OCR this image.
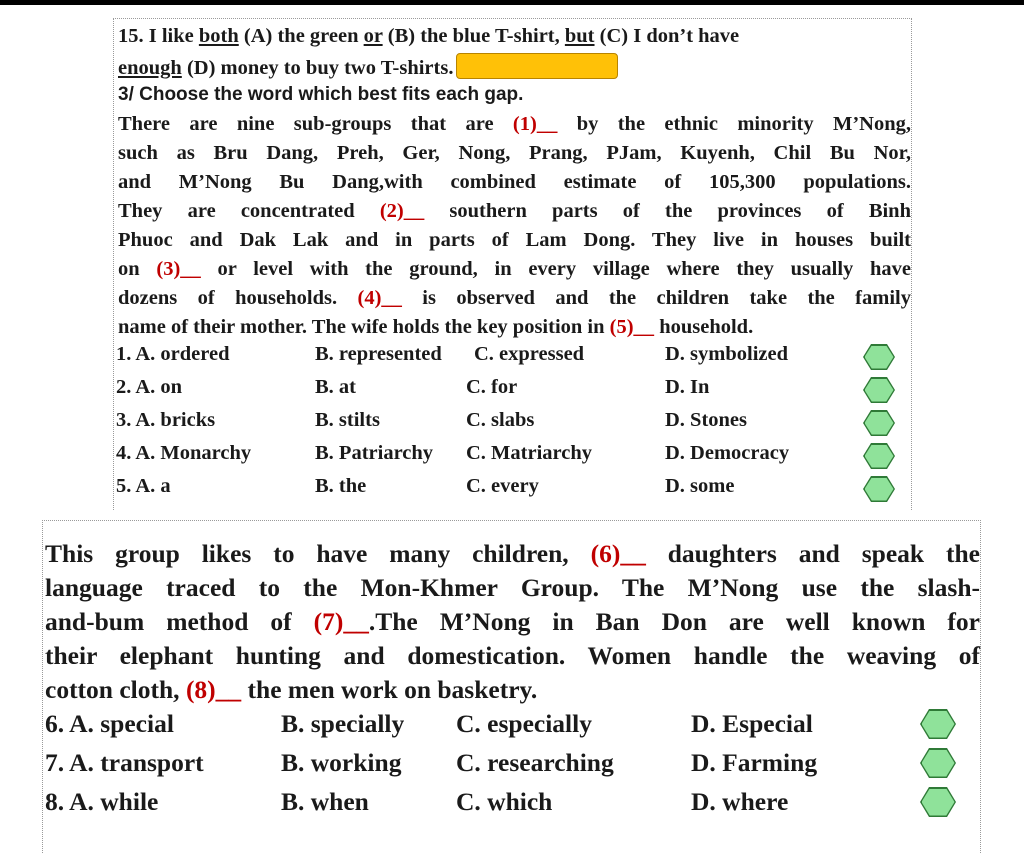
15. I like both (A) the green or (B) the blue T-shirt, but (C) I don’t have
enough (D) money to buy two T-shirts.
3/ Choose the word which best fits each gap.
There are nine sub-groups that are (1)__ by the ethnic minority M’Nong,
such as Bru Dang, Preh, Ger, Nong, Prang, PJam, Kuyenh, Chil Bu Nor,
and M’Nong Bu Dang,with combined estimate of 105,300 populations.
They are concentrated (2)__ southern parts of the provinces of Binh
Phuoc and Dak Lak and in parts of Lam Dong. They live in houses built
on (3)__ or level with the ground, in every village where they usually have
dozens of households. (4)__ is observed and the children take the family
name of their mother. The wife holds the key position in (5)__ household.
1. A. ordered	B. represented C. expressed	D. symbolized
2. A. on	B. at	C. for	D. In
3. A. bricks	B. stilts	C. slabs	D. Stones
4. A. Monarchy	B. Patriarchy C. Matriarchy	D. Democracy
5. A. a	B. the	C. every	D. some
This group likes to have many children, (6)__ daughters and speak the
language traced to the Mon-Khmer Group. The M’Nong use the slash-
and-bum method of (7)__.The M’Nong in Ban Don are well known for
their elephant hunting and domestication. Women handle the weaving of
cotton cloth, (8)__ the men work on basketry.
6. A. special	B. specially C. especially	D. Especial
7. A. transport	B. working C. researching	D. Farming
8. A. while	B. when	C. which	D. where
